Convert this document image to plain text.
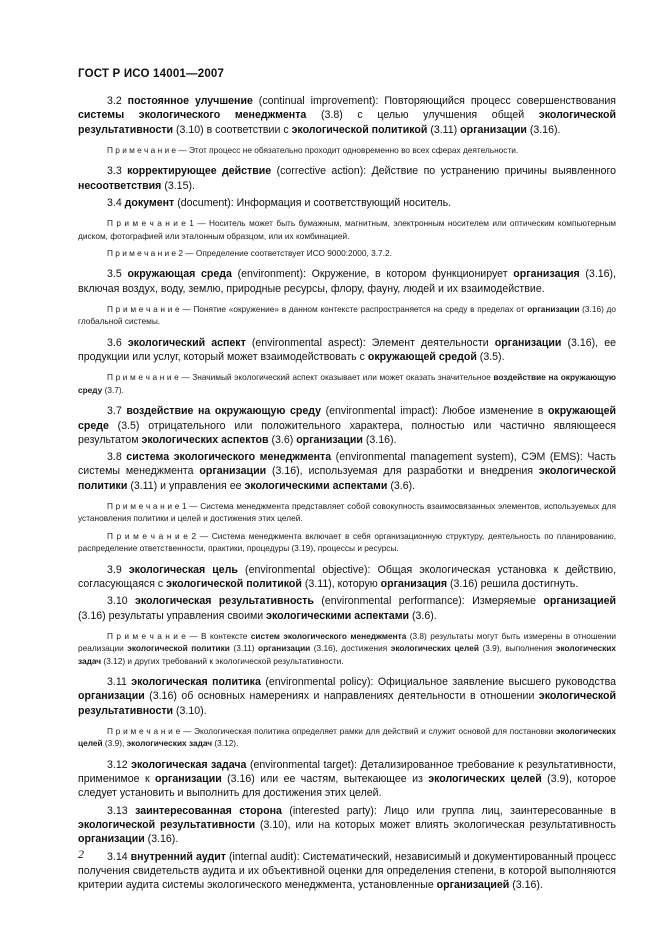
ГОСТ Р ИСО 14001—2007

3.2 постоянное улучшение (continual improvement): Повторяющийся процесс совершенствования системы экологического менеджмента (3.8) с целью улучшения общей экологической результативности (3.10) в соответствии с экологической политикой (3.11) организации (3.16).

П р и м е ч а н и е — Этот процесс не обязательно проходит одновременно во всех сферах деятельности.

3.3 корректирующее действие (corrective action): Действие по устранению причины выявленного несоответствия (3.15).

3.4 документ (document): Информация и соответствующий носитель.

П р и м е ч а н и е 1 — Носитель может быть бумажным, магнитным, электронным носителем или оптическим компьютерным диском, фотографией или эталонным образцом, или их комбинацией.

П р и м е ч а н и е 2 — Определение соответствует ИСО 9000:2000, 3.7.2.

3.5 окружающая среда (environment): Окружение, в котором функционирует организация (3.16), включая воздух, воду, землю, природные ресурсы, флору, фауну, людей и их взаимодействие.

П р и м е ч а н и е — Понятие «окружение» в данном контексте распространяется на среду в пределах от организации (3.16) до глобальной системы.

3.6 экологический аспект (environmental aspect): Элемент деятельности организации (3.16), ее продукции или услуг, который может взаимодействовать с окружающей средой (3.5).

П р и м е ч а н и е — Значимый экологический аспект оказывает или может оказать значительное воздействие на окружающую среду (3.7).

3.7 воздействие на окружающую среду (environmental impact): Любое изменение в окружающей среде (3.5) отрицательного или положительного характера, полностью или частично являющееся результатом экологических аспектов (3.6) организации (3.16).

3.8 система экологического менеджмента (environmental management system), СЭМ (EMS): Часть системы менеджмента организации (3.16), используемая для разработки и внедрения экологической политики (3.11) и управления ее экологическими аспектами (3.6).

П р и м е ч а н и е 1 — Система менеджмента представляет собой совокупность взаимосвязанных элементов, используемых для установления политики и целей и достижения этих целей.

П р и м е ч а н и е 2 — Система менеджмента включает в себя организационную структуру, деятельность по планированию, распределение ответственности, практики, процедуры (3.19), процессы и ресурсы.

3.9 экологическая цель (environmental objective): Общая экологическая установка к действию, согласующаяся с экологической политикой (3.11), которую организация (3.16) решила достигнуть.

3.10 экологическая результативность (environmental performance): Измеряемые организацией (3.16) результаты управления своими экологическими аспектами (3.6).

П р и м е ч а н и е — В контексте систем экологического менеджмента (3.8) результаты могут быть измерены в отношении реализации экологической политики (3.11) организации (3.16), достижения экологических целей (3.9), выполнения экологических задач (3.12) и других требований к экологической результативности.

3.11 экологическая политика (environmental policy): Официальное заявление высшего руководства организации (3.16) об основных намерениях и направлениях деятельности в отношении экологической результативности (3.10).

П р и м е ч а н и е — Экологическая политика определяет рамки для действий и служит основой для постановки экологических целей (3.9), экологических задач (3.12).

3.12 экологическая задача (environmental target): Детализированное требование к результативности, применимое к организации (3.16) или ее частям, вытекающее из экологических целей (3.9), которое следует установить и выполнить для достижения этих целей.

3.13 заинтересованная сторона (interested party): Лицо или группа лиц, заинтересованные в экологической результативности (3.10), или на которых может влиять экологическая результативность организации (3.16).

3.14 внутренний аудит (internal audit): Систематический, независимый и документированный процесс получения свидетельств аудита и их объективной оценки для определения степени, в которой выполняются критерии аудита системы экологического менеджмента, установленные организацией (3.16).

2
